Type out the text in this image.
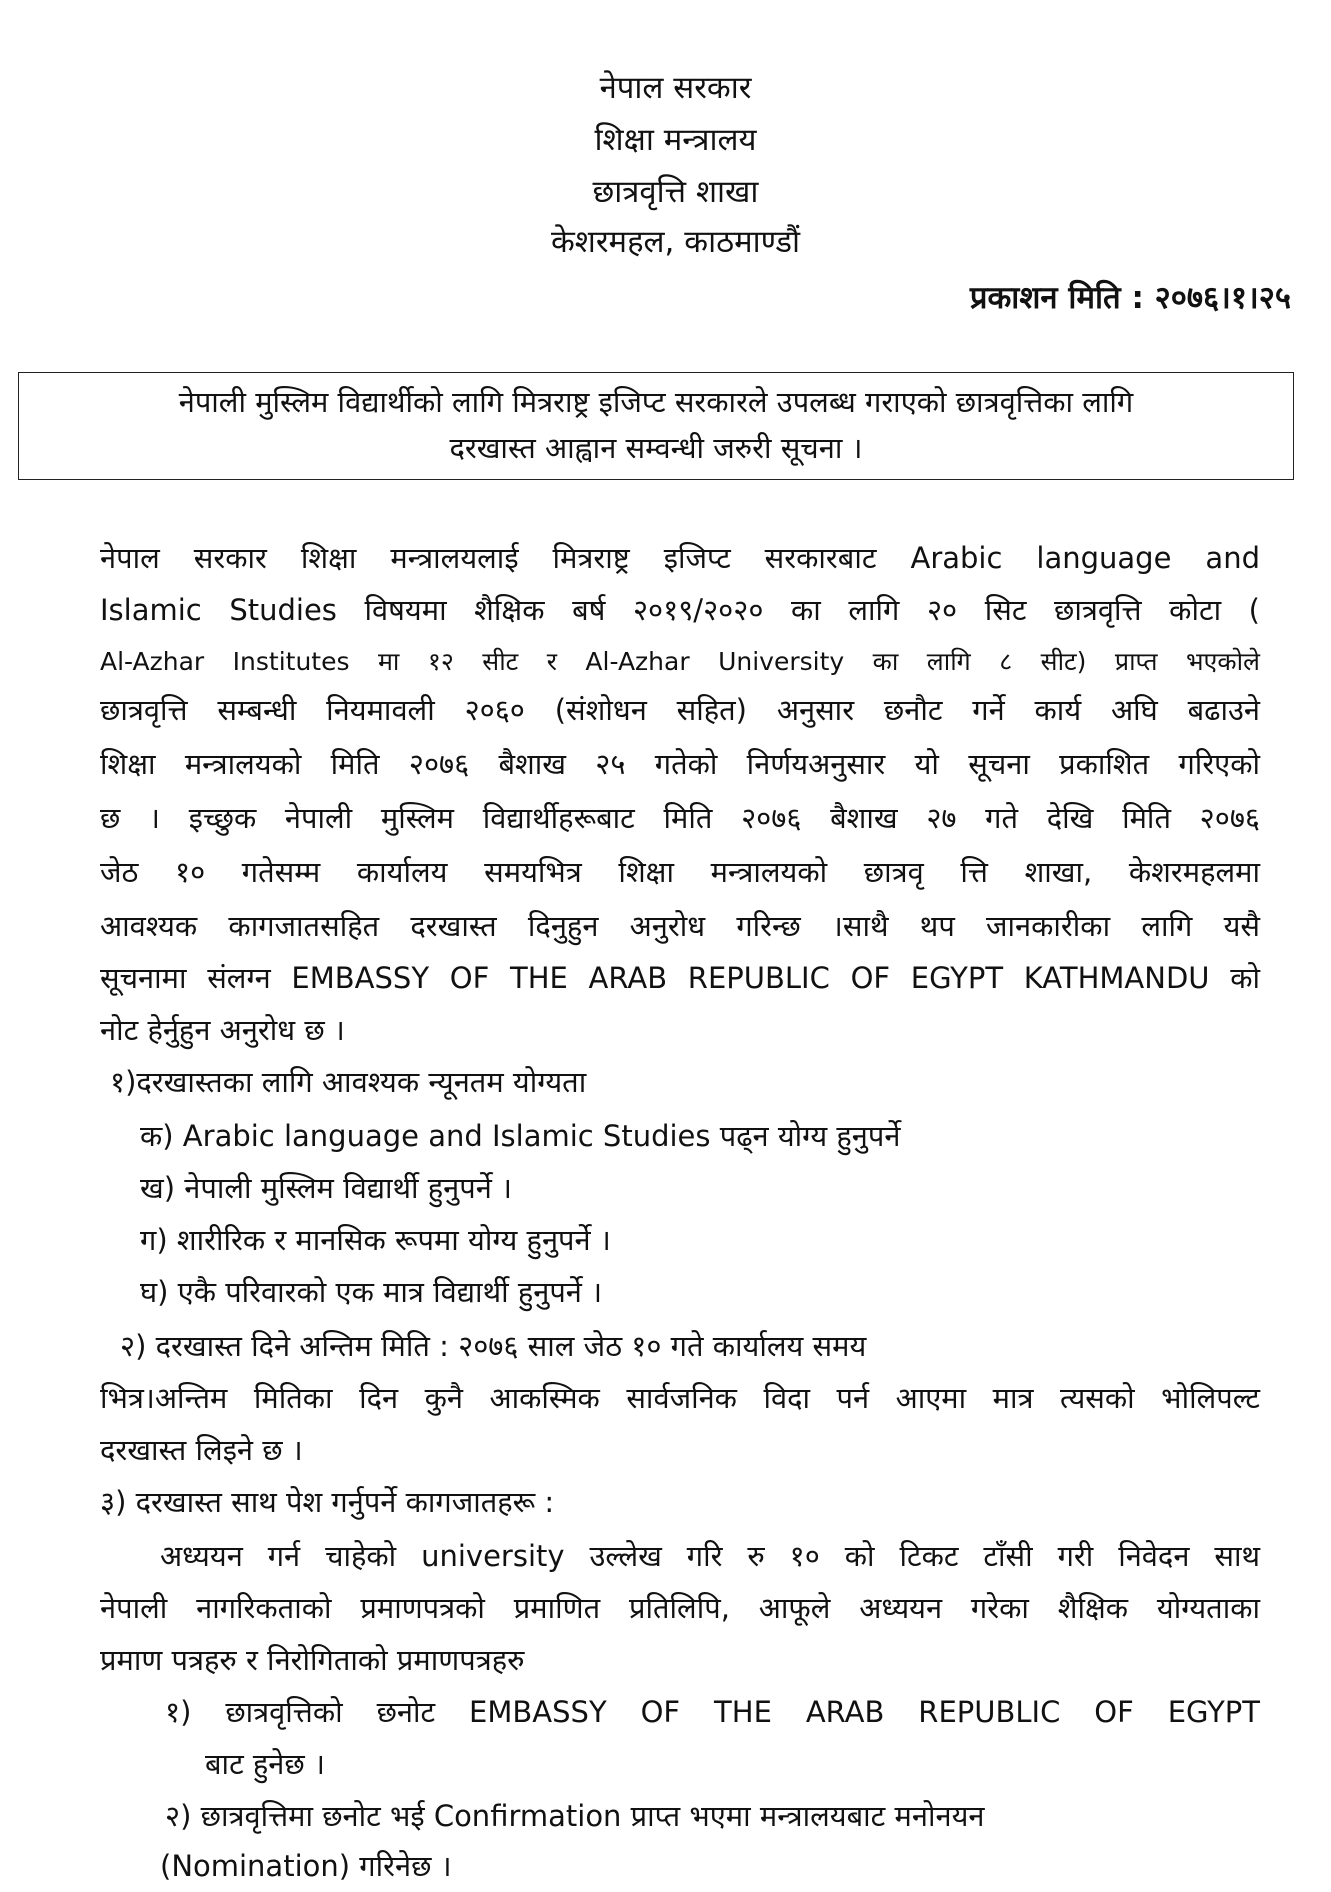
नेपाल सरकार
शिक्षा मन्त्रालय
छात्रवृत्ति शाखा
केशरमहल, काठमाण्डौं
प्रकाशन मिति : २०७६।१।२५
नेपाली मुस्लिम विद्यार्थीको लागि मित्रराष्ट्र इजिप्ट सरकारले उपलब्ध गराएको छात्रवृत्तिका लागि
दरखास्त आह्वान सम्वन्धी जरुरी सूचना ।
नेपाल सरकार शिक्षा मन्त्रालयलाई मित्रराष्ट्र इजिप्ट सरकारबाट Arabic language and
Islamic Studies विषयमा शैक्षिक बर्ष २०१९/२०२० का लागि २० सिट छात्रवृत्ति कोटा (
Al-Azhar Institutes मा १२ सीट र Al-Azhar University का लागि ८ सीट) प्राप्त भएकोले
छात्रवृत्ति सम्बन्धी नियमावली २०६० (संशोधन सहित) अनुसार छनौट गर्ने कार्य अघि बढाउने
शिक्षा मन्त्रालयको मिति २०७६ बैशाख २५ गतेको निर्णयअनुसार यो सूचना प्रकाशित गरिएको
छ । इच्छुक नेपाली मुस्लिम विद्यार्थीहरूबाट मिति २०७६ बैशाख २७ गते देखि मिति २०७६
जेठ १० गतेसम्म कार्यालय समयभित्र शिक्षा मन्त्रालयको छात्रवृ त्ति शाखा, केशरमहलमा
आवश्यक कागजातसहित दरखास्त दिनुहुन अनुरोध गरिन्छ ।साथै थप जानकारीका लागि यसै
सूचनामा संलग्न EMBASSY OF THE ARAB REPUBLIC OF EGYPT KATHMANDU को
नोट हेर्नुहुन अनुरोध छ ।
१)दरखास्तका लागि आवश्यक न्यूनतम योग्यता
क) Arabic language and Islamic Studies पढ्न योग्य हुनुपर्ने
ख) नेपाली मुस्लिम विद्यार्थी हुनुपर्ने ।
ग) शारीरिक र मानसिक रूपमा योग्य हुनुपर्ने ।
घ) एकै परिवारको एक मात्र विद्यार्थी हुनुपर्ने ।
२) दरखास्त दिने अन्तिम मिति : २०७६ साल जेठ १० गते कार्यालय समय
भित्र।अन्तिम मितिका दिन कुनै आकस्मिक सार्वजनिक विदा पर्न आएमा मात्र त्यसको भोलिपल्ट
दरखास्त लिइने छ ।
३) दरखास्त साथ पेश गर्नुपर्ने कागजातहरू :
अध्ययन गर्न चाहेको university उल्लेख गरि रु १० को टिकट टाँसी गरी निवेदन साथ
नेपाली नागरिकताको प्रमाणपत्रको प्रमाणित प्रतिलिपि, आफूले अध्ययन गरेका शैक्षिक योग्यताका
प्रमाण पत्रहरु र निरोगिताको प्रमाणपत्रहरु
१) छात्रवृत्तिको छनोट EMBASSY OF THE ARAB REPUBLIC OF EGYPT
बाट हुनेछ ।
२) छात्रवृत्तिमा छनोट भई Confirmation प्राप्त भएमा मन्त्रालयबाट मनोनयन
(Nomination) गरिनेछ ।
